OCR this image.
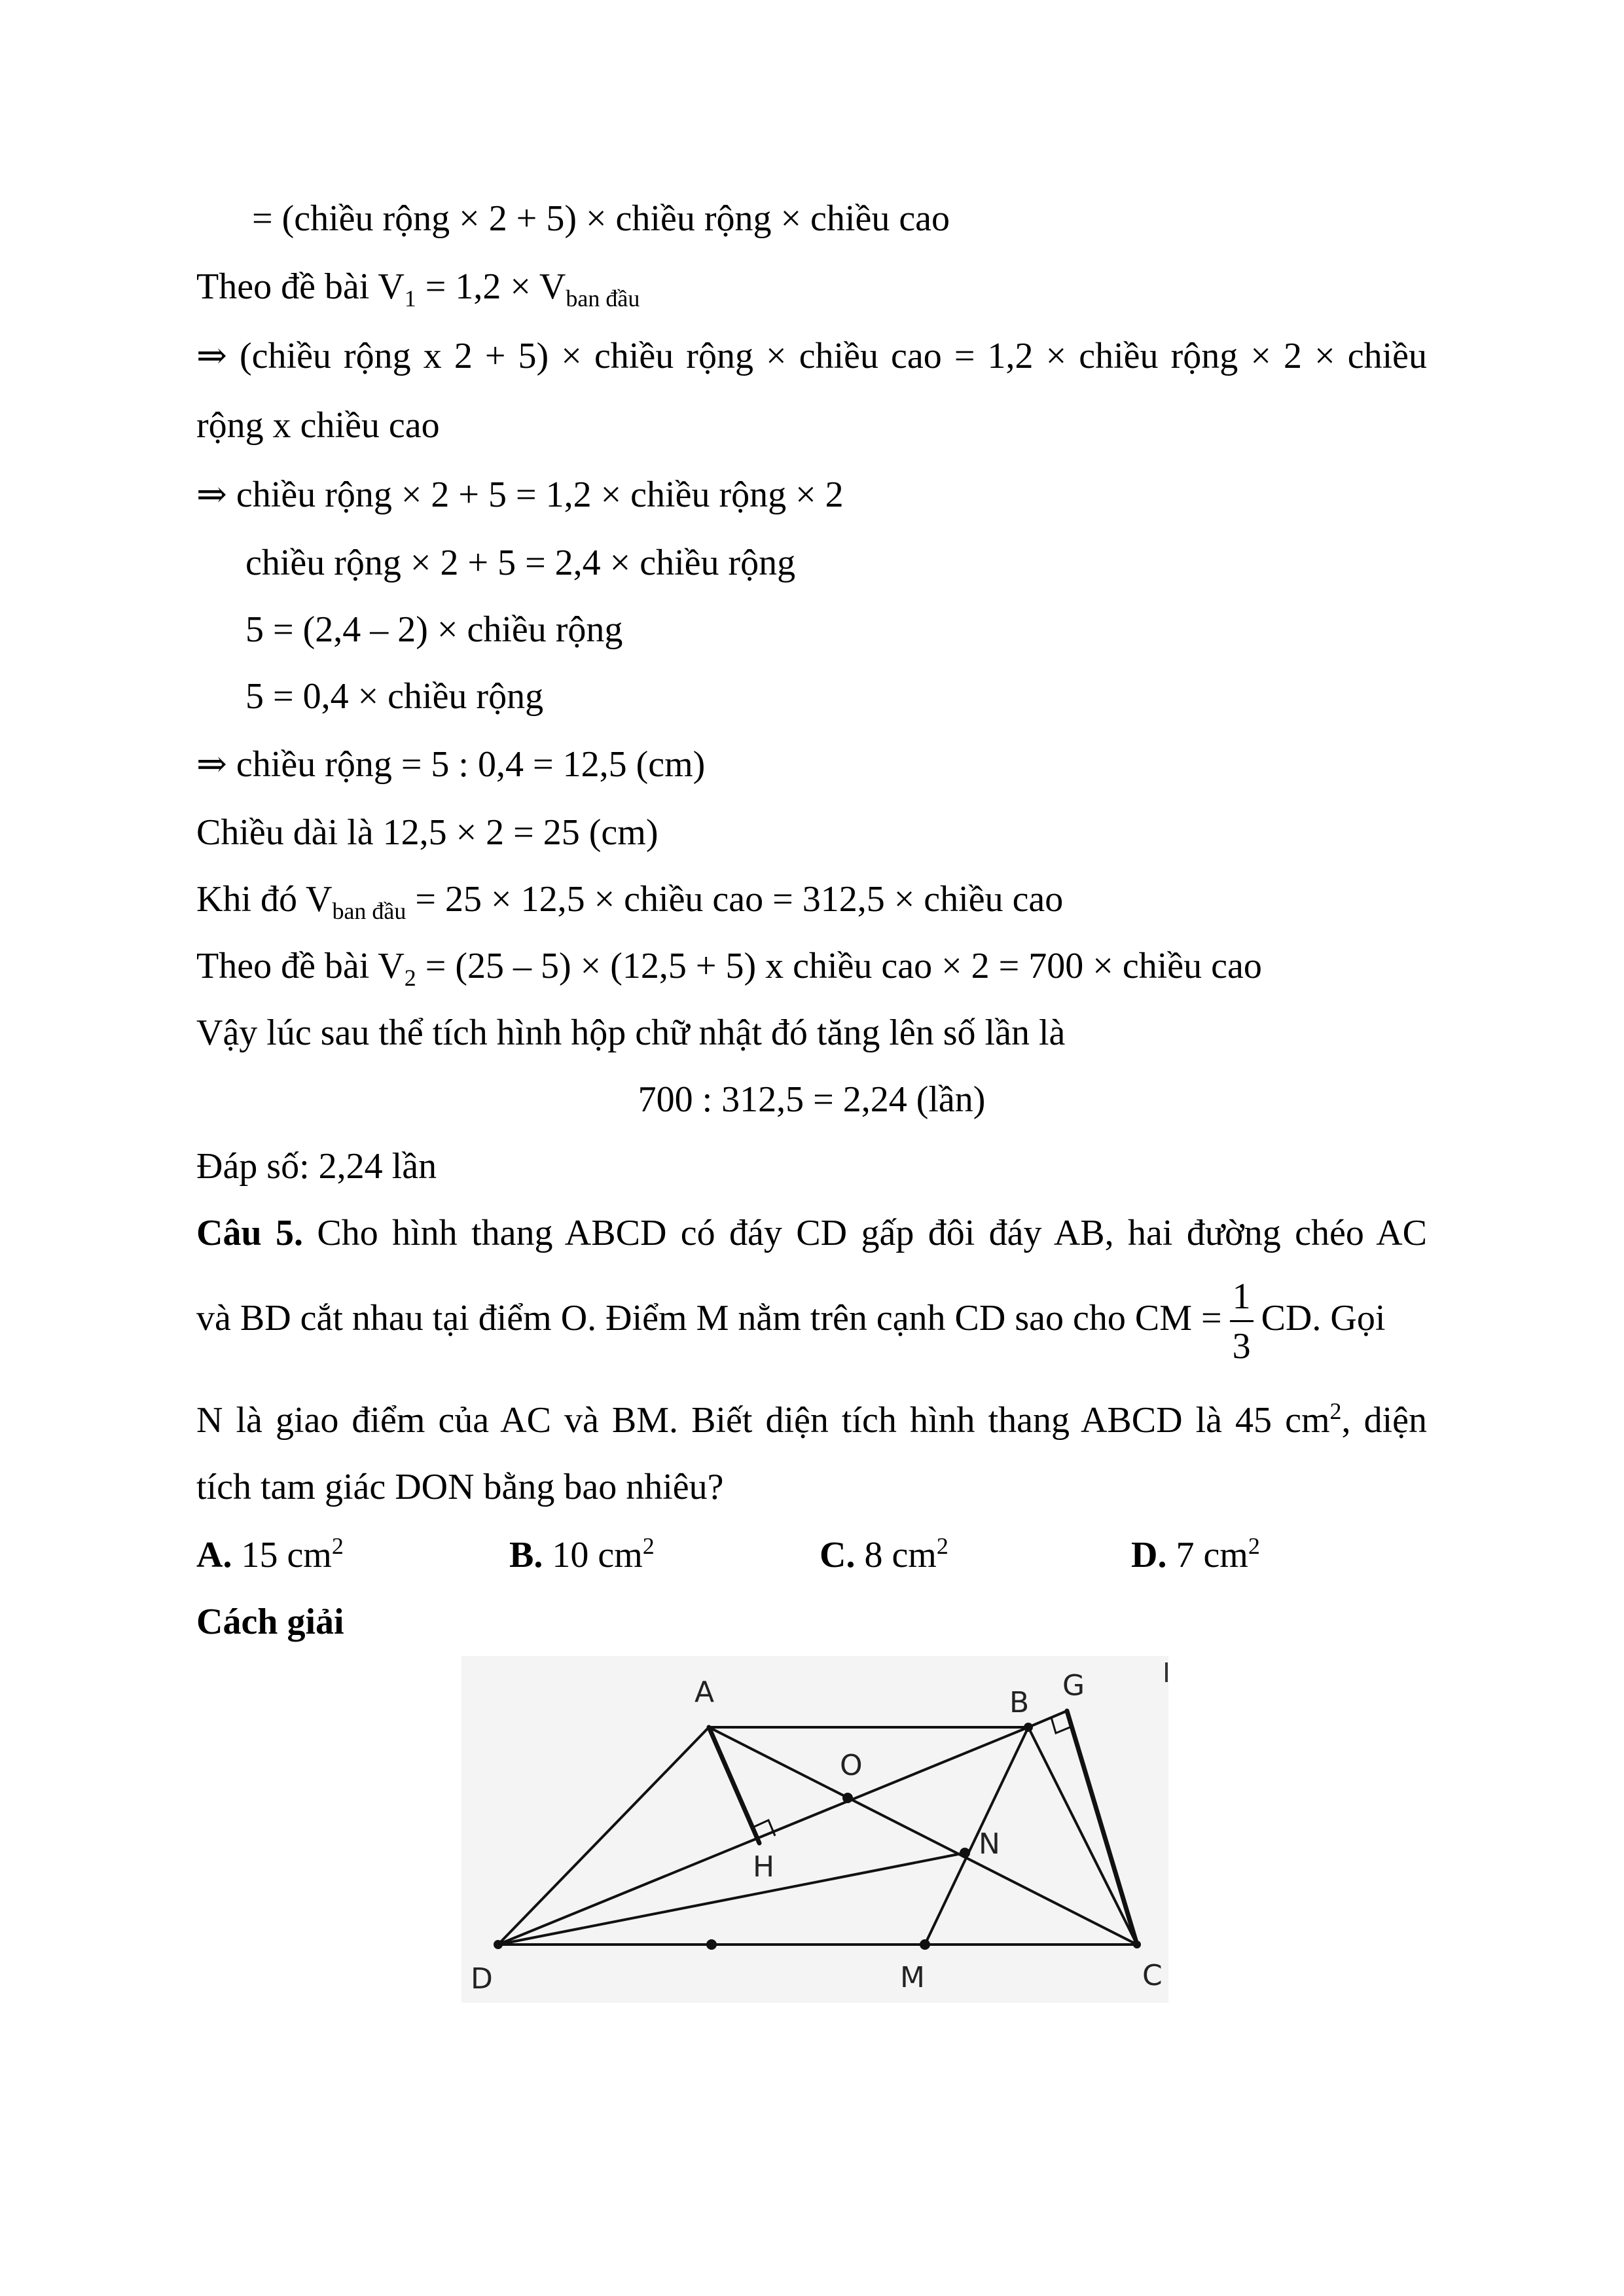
= (chiều rộng × 2 + 5) × chiều rộng × chiều cao
Theo đề bài $V_1 = 1,2 \times V_{ban đầu}$
⇒ (chiều rộng x 2 + 5) × chiều rộng × chiều cao = 1,2 × chiều rộng × 2 × chiều
rộng x chiều cao
⇒ chiều rộng × 2 + 5 = 1,2 × chiều rộng × 2
chiều rộng × 2 + 5 = 2,4 × chiều rộng
5 = (2,4 – 2) × chiều rộng
5 = 0,4 × chiều rộng
⇒ chiều rộng = 5 : 0,4 = 12,5 (cm)
Chiều dài là 12,5 × 2 = 25 (cm)
Khi đó $V_{ban đầu} = 25 \times 12,5$ × chiều cao = 312,5 × chiều cao
Theo đề bài $V_2 = (25 - 5) \times (12,5 + 5)$ x chiều cao × 2 = 700 × chiều cao
Vậy lúc sau thể tích hình hộp chữ nhật đó tăng lên số lần là
700 : 312,5 = 2,24 (lần)
Đáp số: 2,24 lần
Câu 5. Cho hình thang ABCD có đáy CD gấp đôi đáy AB, hai đường chéo AC
và BD cắt nhau tại điểm O. Điểm M nằm trên cạnh CD sao cho CM = $\frac{1}{3}$ CD. Gọi
N là giao điểm của AC và BM. Biết diện tích hình thang ABCD là 45 $cm^2$, diện
tích tam giác DON bằng bao nhiêu?
A. 15 $cm^2$	B. 10 $cm^2$	C. 8 $cm^2$	D. 7 $cm^2$
Cách giải
A	B
G
O
H
N
D	M	C
